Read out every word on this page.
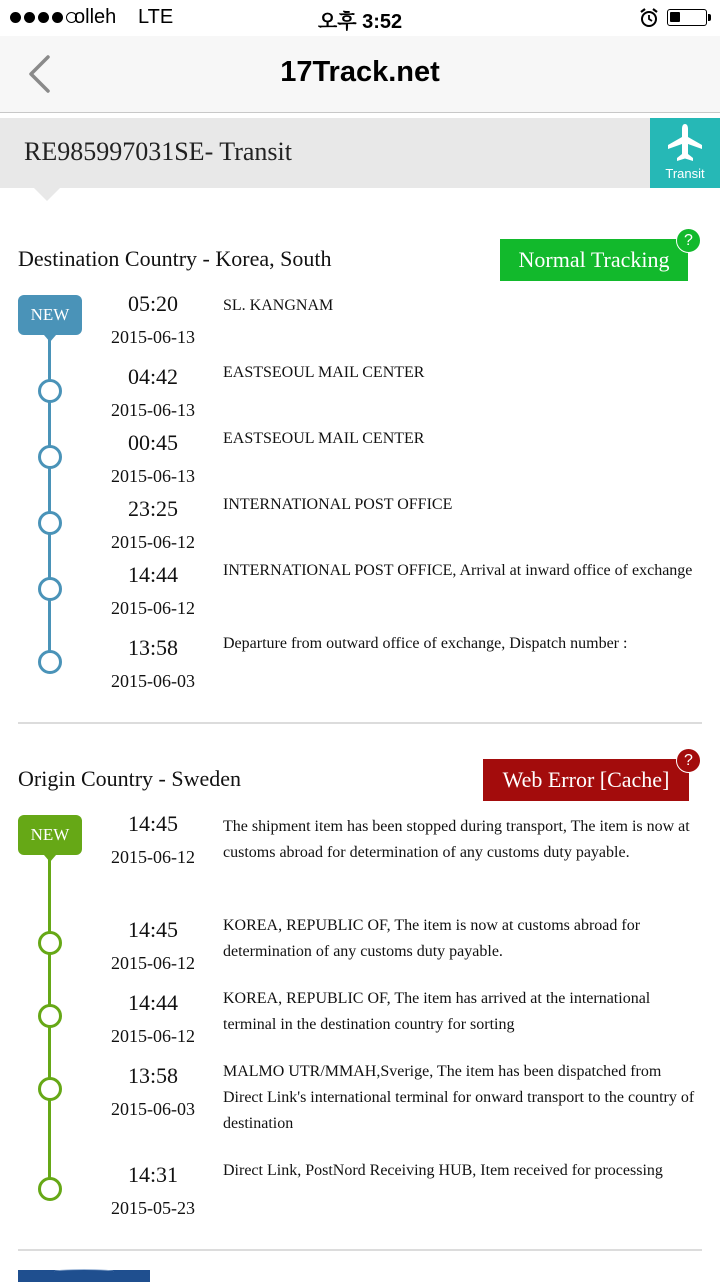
olleh LTE	오후 3:52
17Track.net
RE985997031SE- Transit
Transit
Destination Country - Korea, South	Normal Tracking
?
NEW	05:20
2015-06-13
SL. KANGNAM
04:42
2015-06-13
EASTSEOUL MAIL CENTER
00:45
2015-06-13
EASTSEOUL MAIL CENTER
23:25
2015-06-12
INTERNATIONAL POST OFFICE
14:44
2015-06-12
INTERNATIONAL POST OFFICE, Arrival at inward office of exchange
13:58
2015-06-03
Departure from outward office of exchange, Dispatch number :
Origin Country - Sweden	Web Error [Cache]
?
NEW	14:45
2015-06-12
The shipment item has been stopped during transport, The item is now at customs abroad for determination of any customs duty payable.
14:45
2015-06-12
KOREA, REPUBLIC OF, The item is now at customs abroad for determination of any customs duty payable.
14:44
2015-06-12
KOREA, REPUBLIC OF, The item has arrived at the international terminal in the destination country for sorting
13:58
2015-06-03
MALMO UTR/MMAH,Sverige, The item has been dispatched from Direct Link's international terminal for onward transport to the country of destination
14:31
2015-05-23
Direct Link, PostNord Receiving HUB, Item received for processing
